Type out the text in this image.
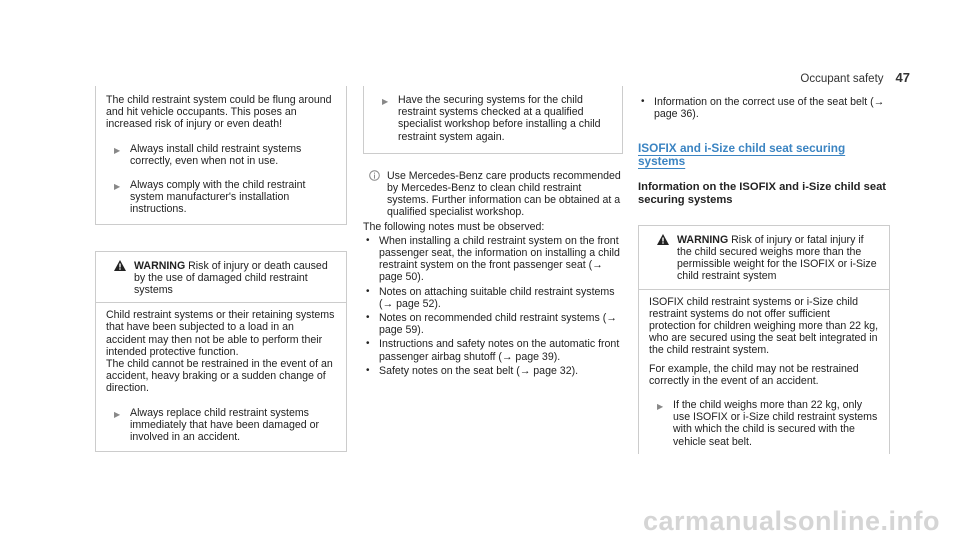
Occupant safety 47

The child restraint system could be flung around and hit vehicle occupants. This poses an increased risk of injury or even death!

▶ Always install child restraint systems correctly, even when not in use.
▶ Always comply with the child restraint system manufacturer's installation instructions.
WARNING Risk of injury or death caused by the use of damaged child restraint systems

Child restraint systems or their retaining systems that have been subjected to a load in an accident may then not be able to perform their intended protective function.

The child cannot be restrained in the event of an accident, heavy braking or a sudden change of direction.

▶ Always replace child restraint systems immediately that have been damaged or involved in an accident.
▶ Have the securing systems for the child restraint systems checked at a qualified specialist workshop before installing a child restraint system again.
Use Mercedes-Benz care products recommended by Mercedes-Benz to clean child restraint systems. Further information can be obtained at a qualified specialist workshop.

The following notes must be observed:

• When installing a child restraint system on the front passenger seat, the information on installing a child restraint system on the front passenger seat (→ page 50).
• Notes on attaching suitable child restraint systems (→ page 52).
• Notes on recommended child restraint systems (→ page 59).
• Instructions and safety notes on the automatic front passenger airbag shutoff (→ page 39).
• Safety notes on the seat belt (→ page 32).
• Information on the correct use of the seat belt (→ page 36).
ISOFIX and i-Size child seat securing systems
Information on the ISOFIX and i-Size child seat securing systems
WARNING Risk of injury or fatal injury if the child secured weighs more than the permissible weight for the ISOFIX or i-Size child restraint system

ISOFIX child restraint systems or i-Size child restraint systems do not offer sufficient protection for children weighing more than 22 kg, who are secured using the seat belt integrated in the child restraint system.

For example, the child may not be restrained correctly in the event of an accident.

▶ If the child weighs more than 22 kg, only use ISOFIX or i-Size child restraint systems with which the child is secured with the vehicle seat belt.
carmanualsonline.info
